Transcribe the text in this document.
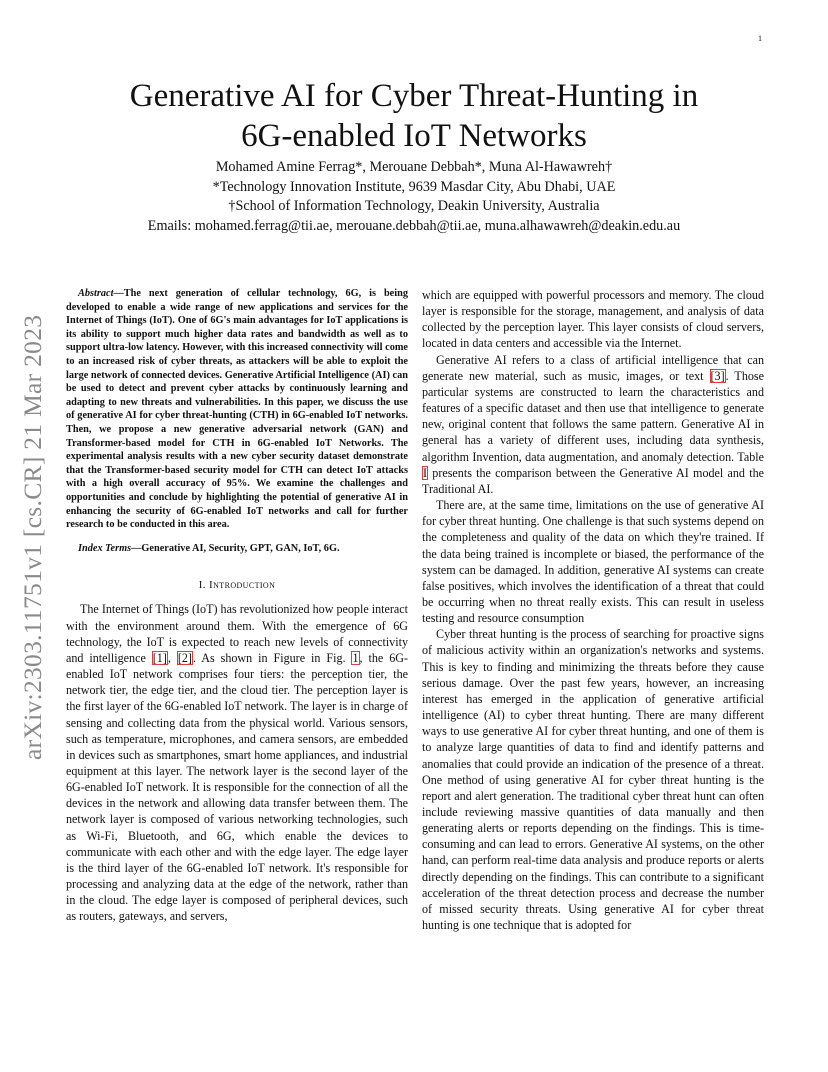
1
arXiv:2303.11751v1 [cs.CR] 21 Mar 2023
Generative AI for Cyber Threat-Hunting in
6G-enabled IoT Networks
Mohamed Amine Ferrag*, Merouane Debbah*, Muna Al-Hawawreh†
*Technology Innovation Institute, 9639 Masdar City, Abu Dhabi, UAE
†School of Information Technology, Deakin University, Australia
Emails: mohamed.ferrag@tii.ae, merouane.debbah@tii.ae, muna.alhawawreh@deakin.edu.au

Abstract—The next generation of cellular technology, 6G, is being developed to enable a wide range of new applications and services for the Internet of Things (IoT). One of 6G's main advantages for IoT applications is its ability to support much higher data rates and bandwidth as well as to support ultra-low latency. However, with this increased connectivity will come to an increased risk of cyber threats, as attackers will be able to exploit the large network of connected devices. Generative Artificial Intelligence (AI) can be used to detect and prevent cyber attacks by continuously learning and adapting to new threats and vulnerabilities. In this paper, we discuss the use of generative AI for cyber threat-hunting (CTH) in 6G-enabled IoT networks. Then, we propose a new generative adversarial network (GAN) and Transformer-based model for CTH in 6G-enabled IoT Networks. The experimental analysis results with a new cyber security dataset demonstrate that the Transformer-based security model for CTH can detect IoT attacks with a high overall accuracy of 95%. We examine the challenges and opportunities and conclude by highlighting the potential of generative AI in enhancing the security of 6G-enabled IoT networks and call for further research to be conducted in this area.

Index Terms—Generative AI, Security, GPT, GAN, IoT, 6G.

I. Introduction

The Internet of Things (IoT) has revolutionized how people interact with the environment around them. With the emergence of 6G technology, the IoT is expected to reach new levels of connectivity and intelligence [1], [2]. As shown in Figure in Fig. 1, the 6G-enabled IoT network comprises four tiers: the perception tier, the network tier, the edge tier, and the cloud tier. The perception layer is the first layer of the 6G-enabled IoT network. The layer is in charge of sensing and collecting data from the physical world. Various sensors, such as temperature, microphones, and camera sensors, are embedded in devices such as smartphones, smart home appliances, and industrial equipment at this layer. The network layer is the second layer of the 6G-enabled IoT network. It is responsible for the connection of all the devices in the network and allowing data transfer between them. The network layer is composed of various networking technologies, such as Wi-Fi, Bluetooth, and 6G, which enable the devices to communicate with each other and with the edge layer. The edge layer is the third layer of the 6G-enabled IoT network. It's responsible for processing and analyzing data at the edge of the network, rather than in the cloud. The edge layer is composed of peripheral devices, such as routers, gateways, and servers,

which are equipped with powerful processors and memory. The cloud layer is responsible for the storage, management, and analysis of data collected by the perception layer. This layer consists of cloud servers, located in data centers and accessible via the Internet.

Generative AI refers to a class of artificial intelligence that can generate new material, such as music, images, or text [3]. Those particular systems are constructed to learn the characteristics and features of a specific dataset and then use that intelligence to generate new, original content that follows the same pattern. Generative AI in general has a variety of different uses, including data synthesis, algorithm Invention, data augmentation, and anomaly detection. Table I presents the comparison between the Generative AI model and the Traditional AI.

There are, at the same time, limitations on the use of generative AI for cyber threat hunting. One challenge is that such systems depend on the completeness and quality of the data on which they're trained. If the data being trained is incomplete or biased, the performance of the system can be damaged. In addition, generative AI systems can create false positives, which involves the identification of a threat that could be occurring when no threat really exists. This can result in useless testing and resource consumption

Cyber threat hunting is the process of searching for proactive signs of malicious activity within an organization's networks and systems. This is key to finding and minimizing the threats before they cause serious damage. Over the past few years, however, an increasing interest has emerged in the application of generative artificial intelligence (AI) to cyber threat hunting. There are many different ways to use generative AI for cyber threat hunting, and one of them is to analyze large quantities of data to find and identify patterns and anomalies that could provide an indication of the presence of a threat. One method of using generative AI for cyber threat hunting is the report and alert generation. The traditional cyber threat hunt can often include reviewing massive quantities of data manually and then generating alerts or reports depending on the findings. This is time-consuming and can lead to errors. Generative AI systems, on the other hand, can perform real-time data analysis and produce reports or alerts directly depending on the findings. This can contribute to a significant acceleration of the threat detection process and decrease the number of missed security threats. Using generative AI for cyber threat hunting is one technique that is adopted for
